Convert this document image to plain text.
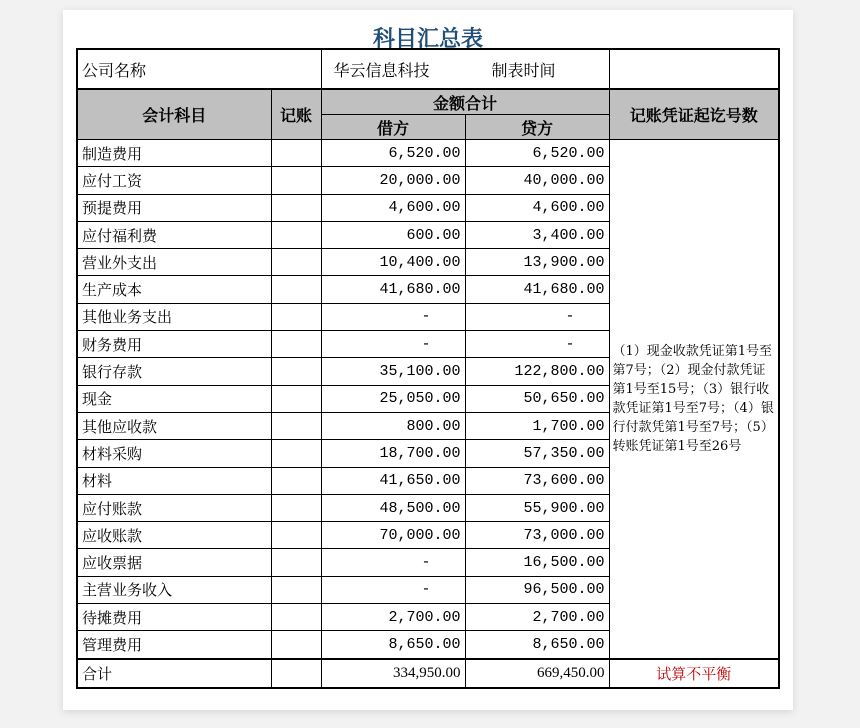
科目汇总表
公司名称		华云信息科技 制表时间		
会计科目	记账	金额合计		记账凭证起讫号数
		借方	贷方	
制造费用		6,520.00	6,520.00	（1）现金收款凭证第1号至第7号；（2）现金付款凭证第1号至15号；（3）银行收款凭证第1号至7号；（4）银行付款凭第1号至7号；（5）转账凭证第1号至26号
应付工资		20,000.00	40,000.00	
预提费用		4,600.00	4,600.00	
应付福利费		600.00	3,400.00	
营业外支出		10,400.00	13,900.00	
生产成本		41,680.00	41,680.00	
其他业务支出		-	-	
财务费用		-	-	
银行存款		35,100.00	122,800.00	
现金		25,050.00	50,650.00	
其他应收款		800.00	1,700.00	
材料采购		18,700.00	57,350.00	
材料		41,650.00	73,600.00	
应付账款		48,500.00	55,900.00	
应收账款		70,000.00	73,000.00	
应收票据		-	16,500.00	
主营业务收入		-	96,500.00	
待摊费用		2,700.00	2,700.00	
管理费用		8,650.00	8,650.00	
合计		334,950.00	669,450.00	试算不平衡
